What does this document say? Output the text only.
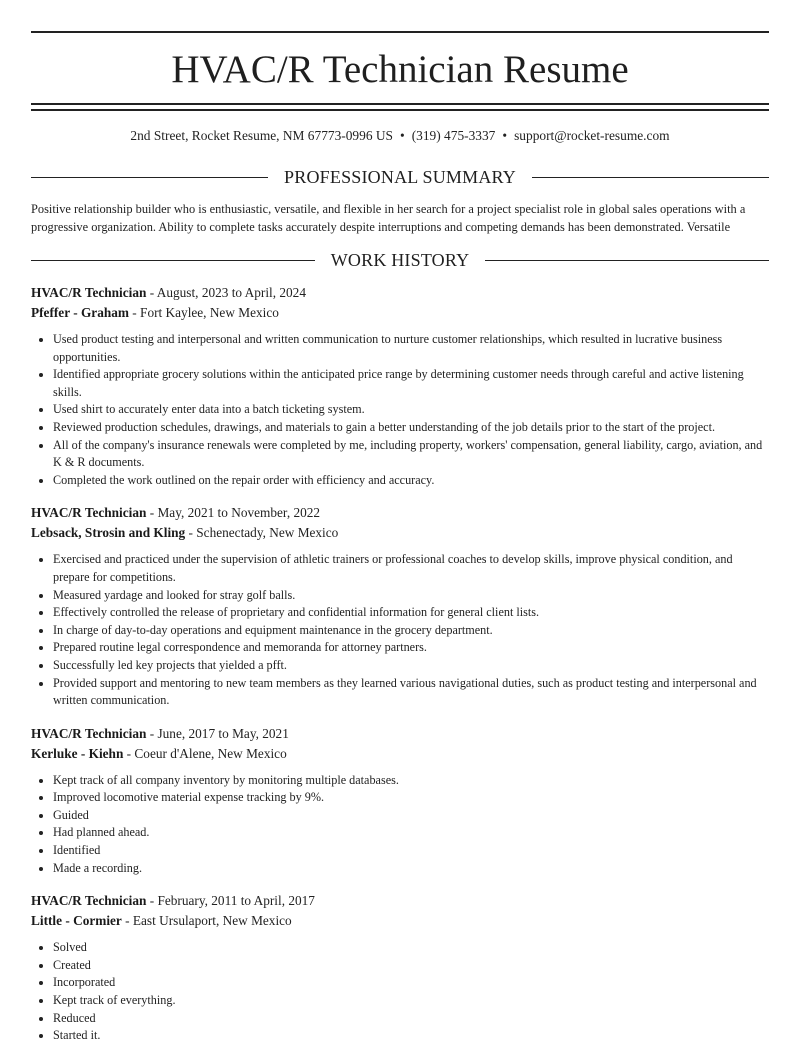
HVAC/R Technician Resume
2nd Street, Rocket Resume, NM 67773-0996 US • (319) 475-3337 • support@rocket-resume.com
PROFESSIONAL SUMMARY
Positive relationship builder who is enthusiastic, versatile, and flexible in her search for a project specialist role in global sales operations with a progressive organization. Ability to complete tasks accurately despite interruptions and competing demands has been demonstrated. Versatile
WORK HISTORY
HVAC/R Technician - August, 2023 to April, 2024
Pfeffer - Graham - Fort Kaylee, New Mexico
• Used product testing and interpersonal and written communication to nurture customer relationships, which resulted in lucrative business opportunities.
• Identified appropriate grocery solutions within the anticipated price range by determining customer needs through careful and active listening skills.
• Used shirt to accurately enter data into a batch ticketing system.
• Reviewed production schedules, drawings, and materials to gain a better understanding of the job details prior to the start of the project.
• All of the company's insurance renewals were completed by me, including property, workers' compensation, general liability, cargo, aviation, and K & R documents.
• Completed the work outlined on the repair order with efficiency and accuracy.
HVAC/R Technician - May, 2021 to November, 2022
Lebsack, Strosin and Kling - Schenectady, New Mexico
• Exercised and practiced under the supervision of athletic trainers or professional coaches to develop skills, improve physical condition, and prepare for competitions.
• Measured yardage and looked for stray golf balls.
• Effectively controlled the release of proprietary and confidential information for general client lists.
• In charge of day-to-day operations and equipment maintenance in the grocery department.
• Prepared routine legal correspondence and memoranda for attorney partners.
• Successfully led key projects that yielded a pfft.
• Provided support and mentoring to new team members as they learned various navigational duties, such as product testing and interpersonal and written communication.
HVAC/R Technician - June, 2017 to May, 2021
Kerluke - Kiehn - Coeur d'Alene, New Mexico
• Kept track of all company inventory by monitoring multiple databases.
• Improved locomotive material expense tracking by 9%.
• Guided
• Had planned ahead.
• Identified
• Made a recording.
HVAC/R Technician - February, 2011 to April, 2017
Little - Cormier - East Ursulaport, New Mexico
• Solved
• Created
• Incorporated
• Kept track of everything.
• Reduced
• Started it.
